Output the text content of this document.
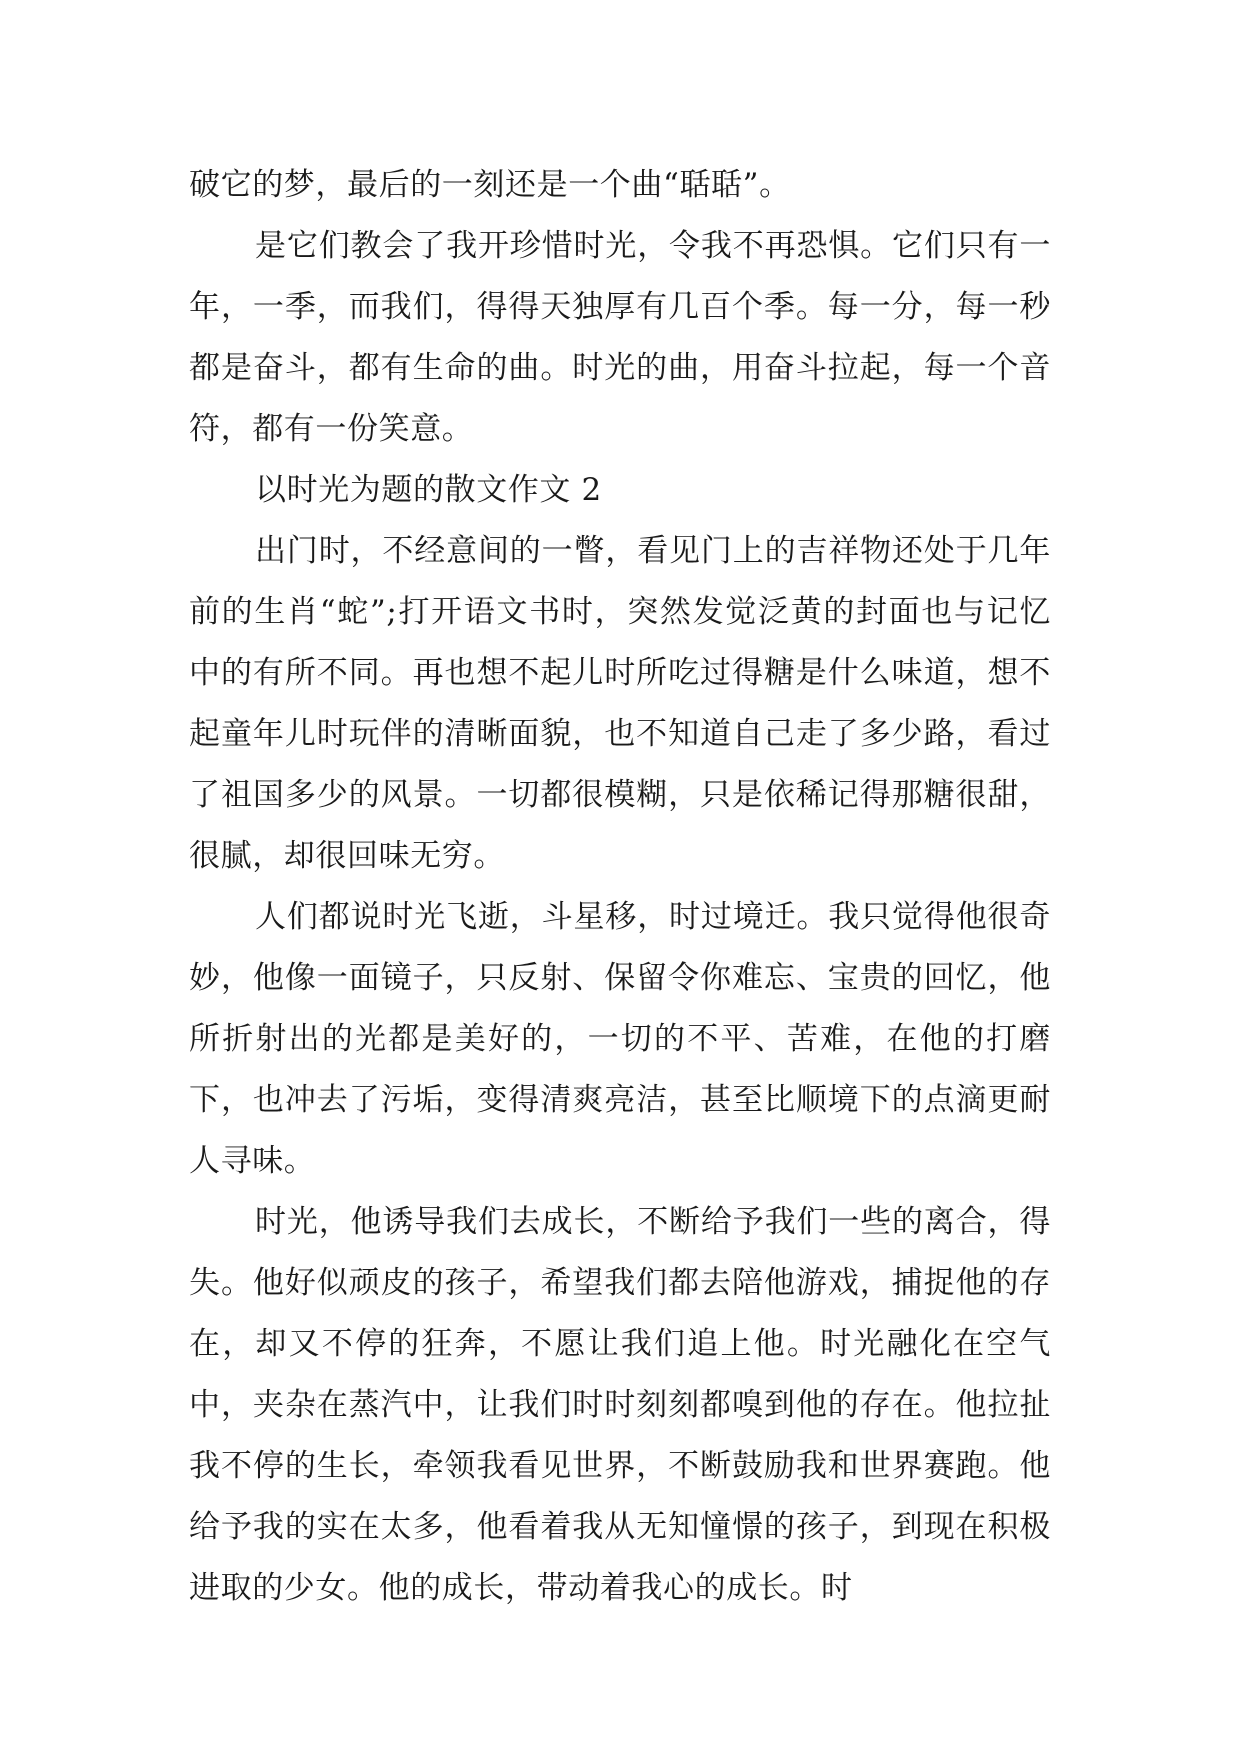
破它的梦，最后的一刻还是一个曲“聒聒”。

是它们教会了我开珍惜时光，令我不再恐惧。它们只有一年，一季，而我们，得得天独厚有几百个季。每一分，每一秒都是奋斗，都有生命的曲。时光的曲，用奋斗拉起，每一个音符，都有一份笑意。

以时光为题的散文作文 2

出门时，不经意间的一瞥，看见门上的吉祥物还处于几年前的生肖“蛇”;打开语文书时，突然发觉泛黄的封面也与记忆中的有所不同。再也想不起儿时所吃过得糖是什么味道，想不起童年儿时玩伴的清晰面貌，也不知道自己走了多少路，看过了祖国多少的风景。一切都很模糊，只是依稀记得那糖很甜，很腻，却很回味无穷。

人们都说时光飞逝，斗星移，时过境迁。我只觉得他很奇妙，他像一面镜子，只反射、保留令你难忘、宝贵的回忆，他所折射出的光都是美好的，一切的不平、苦难，在他的打磨下，也冲去了污垢，变得清爽亮洁，甚至比顺境下的点滴更耐人寻味。

时光，他诱导我们去成长，不断给予我们一些的离合，得失。他好似顽皮的孩子，希望我们都去陪他游戏，捕捉他的存在，却又不停的狂奔，不愿让我们追上他。时光融化在空气中，夹杂在蒸汽中，让我们时时刻刻都嗅到他的存在。他拉扯我不停的生长，牵领我看见世界，不断鼓励我和世界赛跑。他给予我的实在太多，他看着我从无知憧憬的孩子，到现在积极进取的少女。他的成长，带动着我心的成长。时
